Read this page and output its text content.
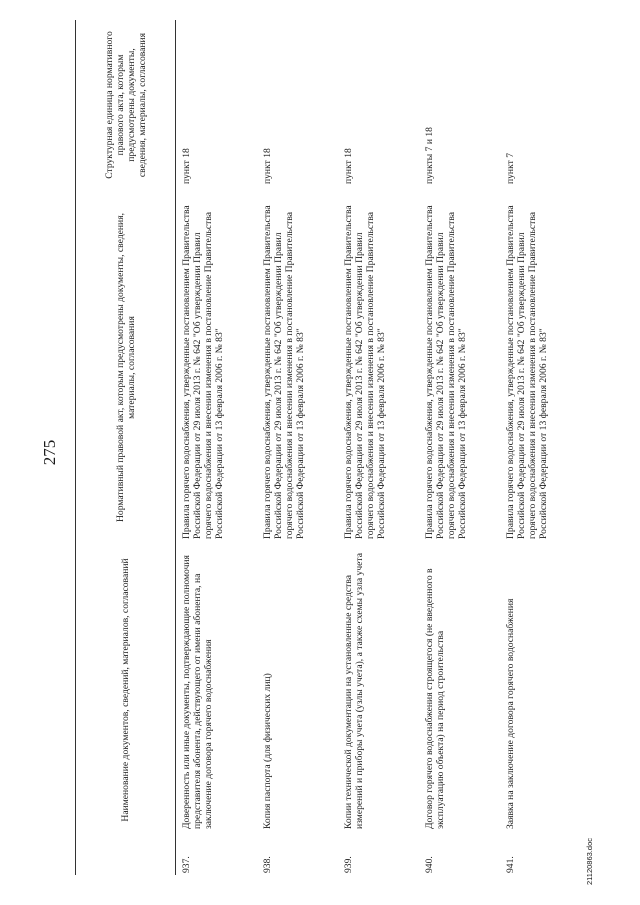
275
	Наименование документов, сведений, материалов, согласований	Нормативный правовой акт, которым предусмотрены документы, сведения, материалы, согласования	Структурная единица нормативного правового акта, которым предусмотрены документы, сведения, материалы, согласования
937.	Доверенность или иные документы, подтверждающие полномочия представителя абонента, действующего от имени абонента, на заключение договора горячего водоснабжения	Правила горячего водоснабжения, утвержденные постановлением Правительства Российской Федерации от 29 июля 2013 г. № 642 "Об утверждении Правил горячего водоснабжения и внесении изменения в постановление Правительства Российской Федерации от 13 февраля 2006 г. № 83"	пункт 18
938.	Копия паспорта (для физических лиц)	Правила горячего водоснабжения, утвержденные постановлением Правительства Российской Федерации от 29 июля 2013 г. № 642 "Об утверждении Правил горячего водоснабжения и внесении изменения в постановление Правительства Российской Федерации от 13 февраля 2006 г. № 83"	пункт 18
939.	Копии технической документации на установленные средства измерений и приборы учета (узлы учета), а также схемы узла учета	Правила горячего водоснабжения, утвержденные постановлением Правительства Российской Федерации от 29 июля 2013 г. № 642 "Об утверждении Правил горячего водоснабжения и внесении изменения в постановление Правительства Российской Федерации от 13 февраля 2006 г. № 83"	пункт 18
940.	Договор горячего водоснабжения строящегося (не введенного в эксплуатацию объекта) на период строительства	Правила горячего водоснабжения, утвержденные постановлением Правительства Российской Федерации от 29 июля 2013 г. № 642 "Об утверждении Правил горячего водоснабжения и внесении изменения в постановление Правительства Российской Федерации от 13 февраля 2006 г. № 83"	пункты 7 и 18
941.	Заявка на заключение договора горячего водоснабжения	Правила горячего водоснабжения, утвержденные постановлением Правительства Российской Федерации от 29 июля 2013 г. № 642 "Об утверждении Правил горячего водоснабжения и внесении изменения в постановление Правительства Российской Федерации от 13 февраля 2006 г. № 83"	пункт 7
21120863.doc
